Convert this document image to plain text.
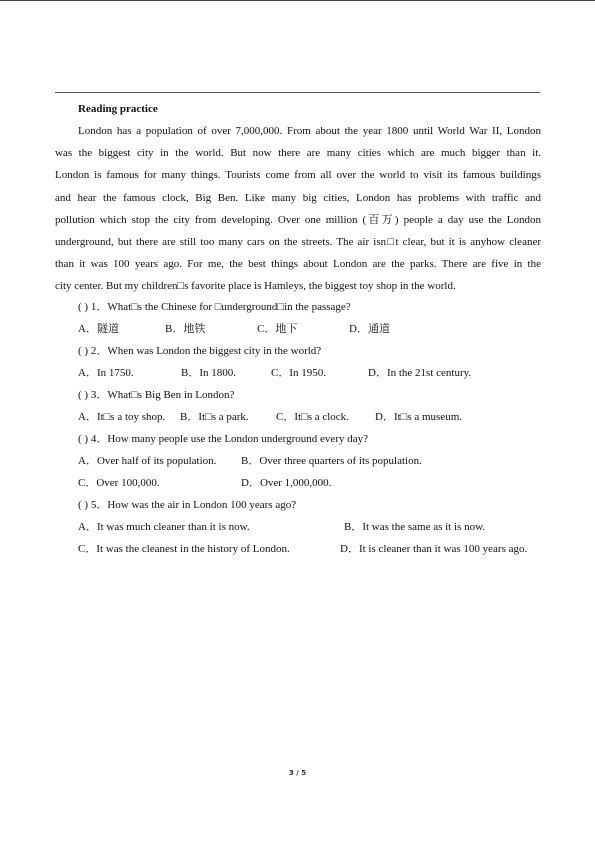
Reading practice
London has a population of over 7,000,000. From about the year 1800 until World War II, London
was the biggest city in the world. But now there are many cities which are much bigger than it.
London is famous for many things. Tourists come from all over the world to visit its famous buildings
and hear the famous clock, Big Ben. Like many big cities, London has problems with traffic and
pollution which stop the city from developing. Over one million (百万) people a day use the London
underground, but there are still too many cars on the streets. The air isn□t clear, but it is anyhow cleaner
than it was 100 years ago. For me, the best things about London are the parks. There are five in the
city center. But my children□s favorite place is Hamleys, the biggest toy shop in the world.
( ) 1．What□s the Chinese for □underground□in the passage?
A．隧道	B．地铁	C．地下	D．通道
( ) 2．When was London the biggest city in the world?
A．In 1750.	B．In 1800.	C．In 1950.	D．In the 21st century.
( ) 3．What□s Big Ben in London?
A．It□s a toy shop. B．It□s a park. C．It□s a clock. D．It□s a museum.
( ) 4．How many people use the London underground every day?
A．Over half of its population. B．Over three quarters of its population.
C．Over 100,000.	D．Over 1,000,000.
( ) 5．How was the air in London 100 years ago?
A．It was much cleaner than it is now.	B．It was the same as it is now.
C．It was the cleanest in the history of London.	D．It is cleaner than it was 100 years ago.
3 / 5
